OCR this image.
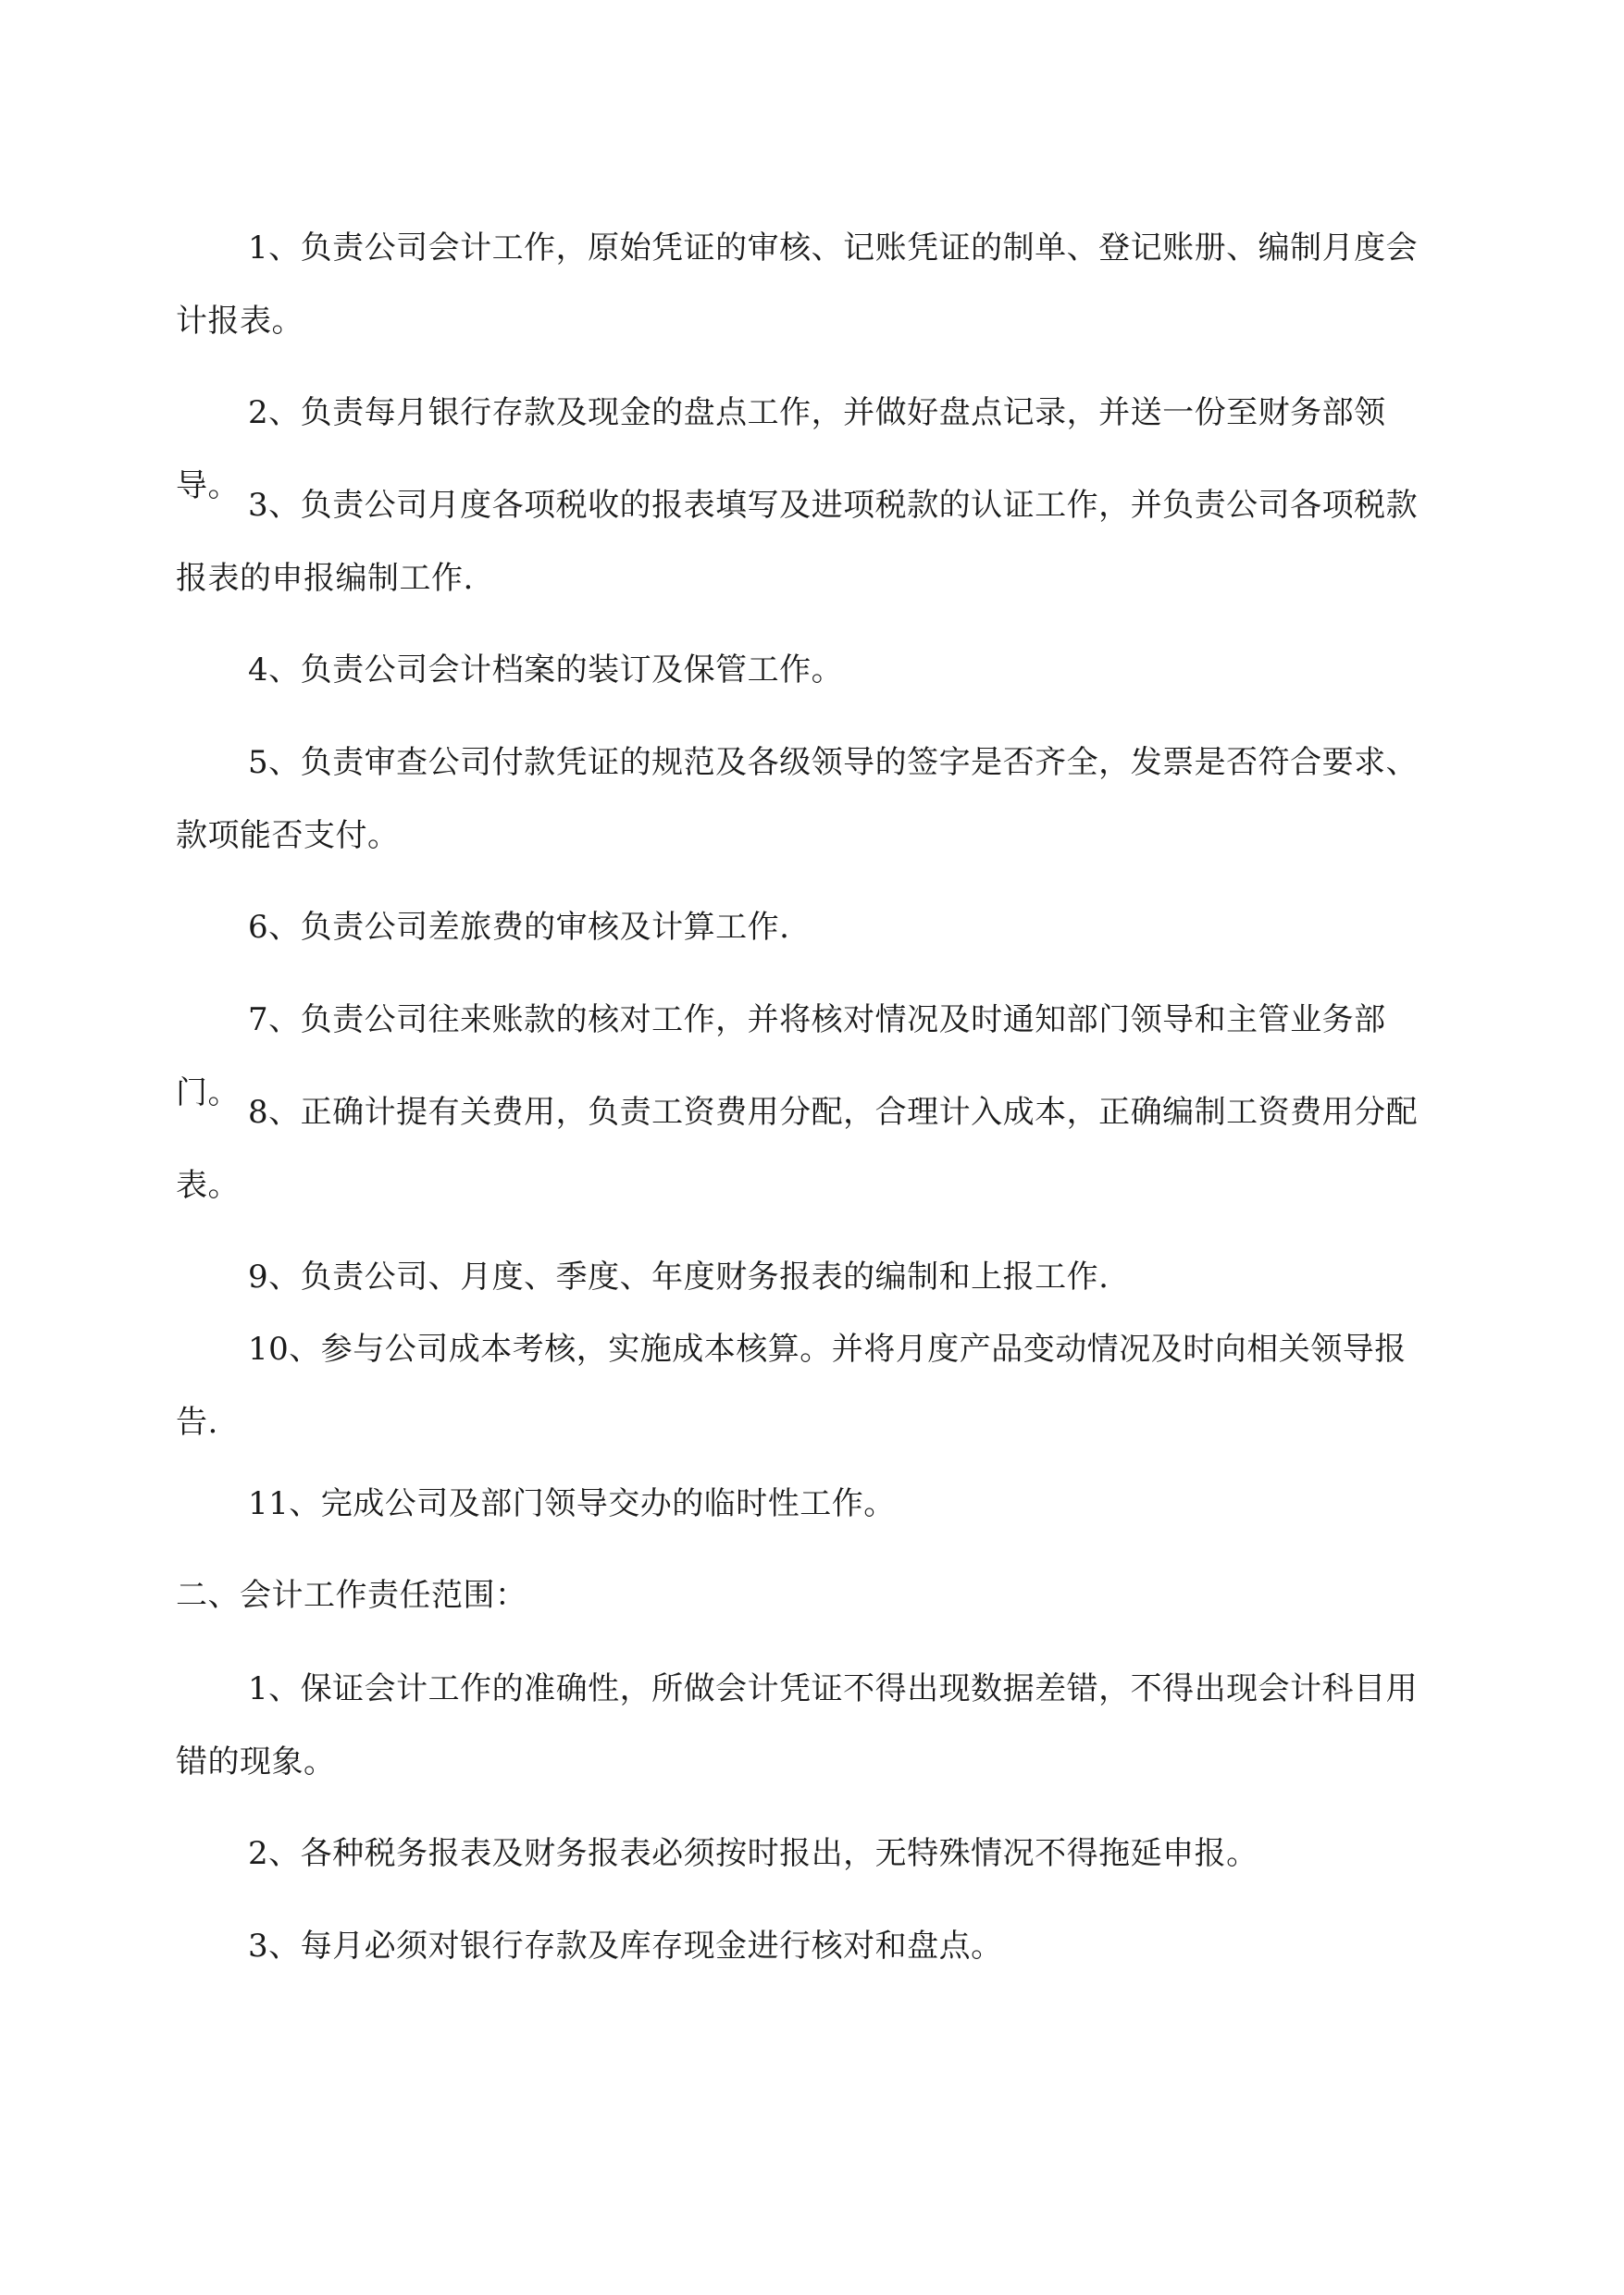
1、负责公司会计工作，原始凭证的审核、记账凭证的制单、登记账册、编制月度会计报表。

2、负责每月银行存款及现金的盘点工作，并做好盘点记录，并送一份至财务部领导。

3、负责公司月度各项税收的报表填写及进项税款的认证工作，并负责公司各项税款报表的申报编制工作.

4、负责公司会计档案的装订及保管工作。

5、负责审查公司付款凭证的规范及各级领导的签字是否齐全，发票是否符合要求、款项能否支付。

6、负责公司差旅费的审核及计算工作.

7、负责公司往来账款的核对工作，并将核对情况及时通知部门领导和主管业务部门。

8、正确计提有关费用，负责工资费用分配，合理计入成本，正确编制工资费用分配表。

9、负责公司、月度、季度、年度财务报表的编制和上报工作.

10、参与公司成本考核，实施成本核算。并将月度产品变动情况及时向相关领导报告.

11、完成公司及部门领导交办的临时性工作。

二、会计工作责任范围：

1、保证会计工作的准确性，所做会计凭证不得出现数据差错，不得出现会计科目用错的现象。

2、各种税务报表及财务报表必须按时报出，无特殊情况不得拖延申报。

3、每月必须对银行存款及库存现金进行核对和盘点。
